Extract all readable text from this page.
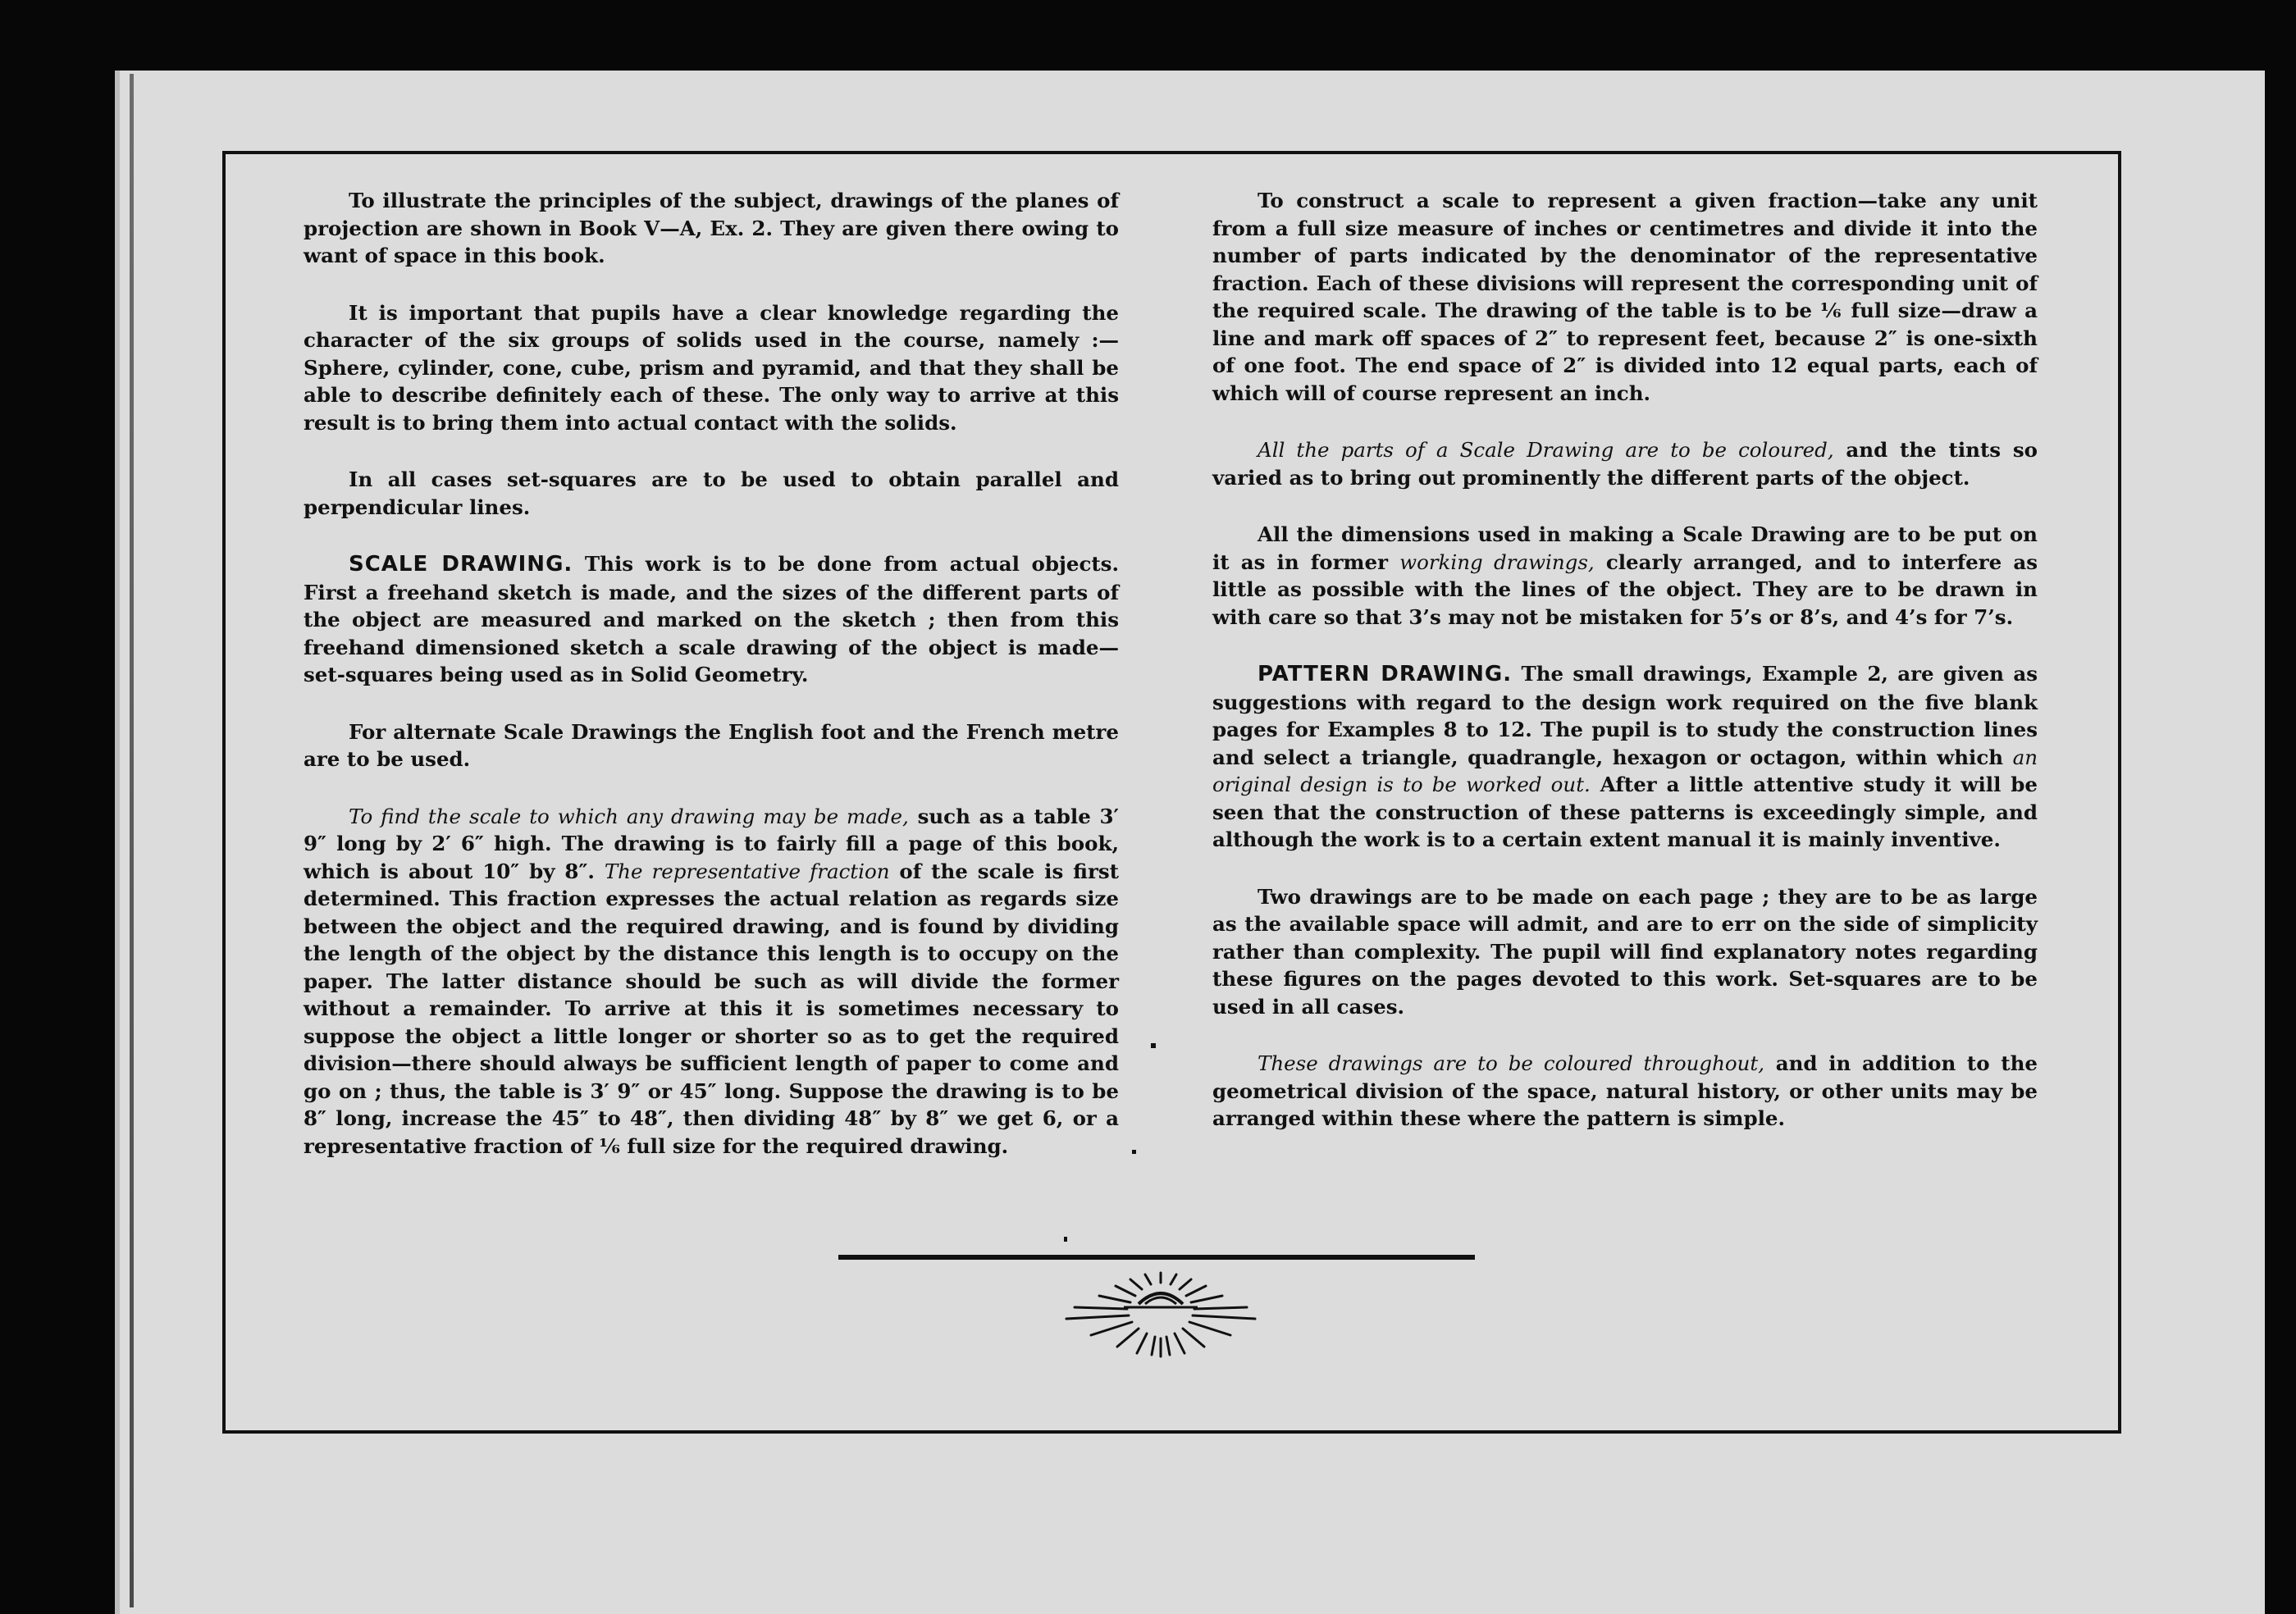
To illustrate the principles of the subject, drawings of the planes of projection are shown in Book V—A, Ex. 2. They are given there owing to want of space in this book.

It is important that pupils have a clear knowledge regarding the character of the six groups of solids used in the course, namely :—Sphere, cylinder, cone, cube, prism and pyramid, and that they shall be able to describe definitely each of these. The only way to arrive at this result is to bring them into actual contact with the solids.

In all cases set-squares are to be used to obtain parallel and perpendicular lines.

SCALE DRAWING. This work is to be done from actual objects. First a freehand sketch is made, and the sizes of the different parts of the object are measured and marked on the sketch ; then from this freehand dimensioned sketch a scale drawing of the object is made—set-squares being used as in Solid Geometry.

For alternate Scale Drawings the English foot and the French metre are to be used.

To find the scale to which any drawing may be made, such as a table 3′ 9″ long by 2′ 6″ high. The drawing is to fairly fill a page of this book, which is about 10″ by 8″. The representative fraction of the scale is first determined. This fraction expresses the actual relation as regards size between the object and the required drawing, and is found by dividing the length of the object by the distance this length is to occupy on the paper. The latter distance should be such as will divide the former without a remainder. To arrive at this it is sometimes necessary to suppose the object a little longer or shorter so as to get the required division—there should always be sufficient length of paper to come and go on ; thus, the table is 3′ 9″ or 45″ long. Suppose the drawing is to be 8″ long, increase the 45″ to 48″, then dividing 48″ by 8″ we get 6, or a representative fraction of ⅙ full size for the required drawing.

To construct a scale to represent a given fraction—take any unit from a full size measure of inches or centimetres and divide it into the number of parts indicated by the denominator of the representative fraction. Each of these divisions will represent the corresponding unit of the required scale. The drawing of the table is to be ⅙ full size—draw a line and mark off spaces of 2″ to represent feet, because 2″ is one-sixth of one foot. The end space of 2″ is divided into 12 equal parts, each of which will of course represent an inch.

All the parts of a Scale Drawing are to be coloured, and the tints so varied as to bring out prominently the different parts of the object.

All the dimensions used in making a Scale Drawing are to be put on it as in former working drawings, clearly arranged, and to interfere as little as possible with the lines of the object. They are to be drawn in with care so that 3’s may not be mistaken for 5’s or 8’s, and 4’s for 7’s.

PATTERN DRAWING. The small drawings, Example 2, are given as suggestions with regard to the design work required on the five blank pages for Examples 8 to 12. The pupil is to study the construction lines and select a triangle, quadrangle, hexagon or octagon, within which an original design is to be worked out. After a little attentive study it will be seen that the construction of these patterns is exceedingly simple, and although the work is to a certain extent manual it is mainly inventive.

Two drawings are to be made on each page ; they are to be as large as the available space will admit, and are to err on the side of simplicity rather than complexity. The pupil will find explanatory notes regarding these figures on the pages devoted to this work. Set-squares are to be used in all cases.

These drawings are to be coloured throughout, and in addition to the geometrical division of the space, natural history, or other units may be arranged within these where the pattern is simple.
